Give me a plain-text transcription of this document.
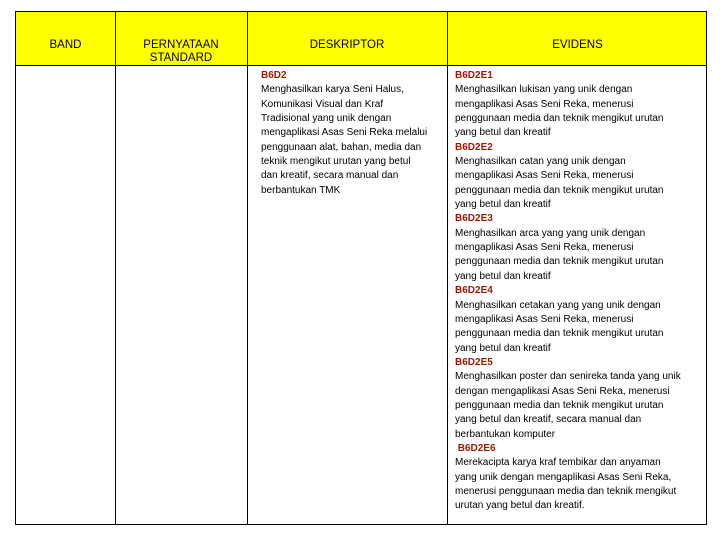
BAND	PERNYATAAN
STANDARD
DESKRIPTOR	EVIDENS
B6D2
Menghasilkan karya Seni Halus,
Komunikasi Visual dan Kraf
Tradisional yang unik dengan
mengaplikasi Asas Seni Reka melalui
penggunaan alat, bahan, media dan
teknik mengikut urutan yang betul
dan kreatif, secara manual dan
berbantukan TMK
B6D2E1
Menghasilkan lukisan yang unik dengan
mengaplikasi Asas Seni Reka, menerusi
penggunaan media dan teknik mengikut urutan
yang betul dan kreatif
B6D2E2
Menghasilkan catan yang unik dengan
mengaplikasi Asas Seni Reka, menerusi
penggunaan media dan teknik mengikut urutan
yang betul dan kreatif
B6D2E3
Menghasilkan arca yang yang unik dengan
mengaplikasi Asas Seni Reka, menerusi
penggunaan media dan teknik mengikut urutan
yang betul dan kreatif
B6D2E4
Menghasilkan cetakan yang yang unik dengan
mengaplikasi Asas Seni Reka, menerusi
penggunaan media dan teknik mengikut urutan
yang betul dan kreatif
B6D2E5
Menghasilkan poster dan senireka tanda yang unik
dengan mengaplikasi Asas Seni Reka, menerusi
penggunaan media dan teknik mengikut urutan
yang betul dan kreatif, secara manual dan
berbantukan komputer
B6D2E6
Merekacipta karya kraf tembikar dan anyaman
yang unik dengan mengaplikasi Asas Seni Reka,
menerusi penggunaan media dan teknik mengikut
urutan yang betul dan kreatif.
